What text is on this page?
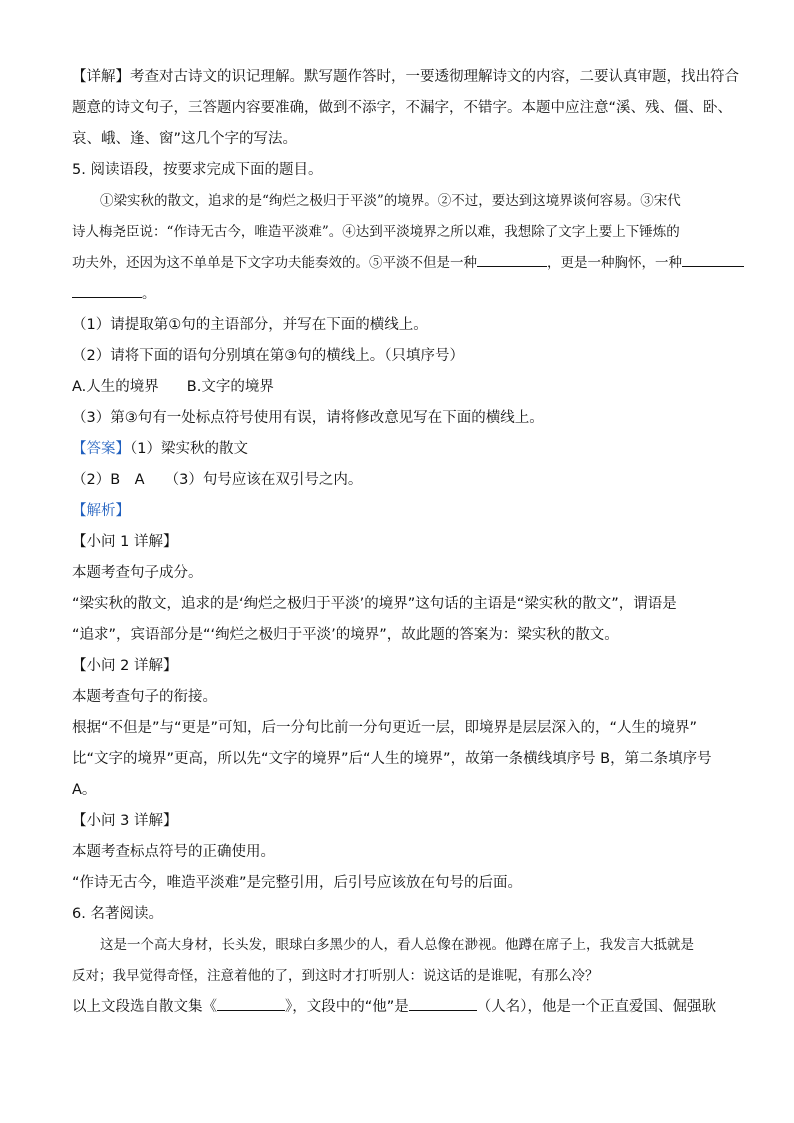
【详解】考查对古诗文的识记理解。默写题作答时，一要透彻理解诗文的内容，二要认真审题，找出符合
题意的诗文句子，三答题内容要准确，做到不添字，不漏字，不错字。本题中应注意“溪、残、僵、卧、
哀、峨、逢、窗”这几个字的写法。
5. 阅读语段，按要求完成下面的题目。
①梁实秋的散文，追求的是“绚烂之极归于平淡”的境界。②不过，要达到这境界谈何容易。③宋代
诗人梅尧臣说：“作诗无古今，唯造平淡难”。④达到平淡境界之所以难，我想除了文字上要上下锤炼的
功夫外，还因为这不单单是下文字功夫能奏效的。⑤平淡不但是一种	，更是一种胸怀，一种
。
（1）请提取第①句的主语部分，并写在下面的横线上。
（2）请将下面的语句分别填在第③句的横线上。（只填序号）
A.人生的境界 B.文字的境界
（3）第③句有一处标点符号使用有误，请将修改意见写在下面的横线上。
【答案】（1）梁实秋的散文
（2）B　A （3）句号应该在双引号之内。
【解析】
【小问 1 详解】
本题考查句子成分。
“梁实秋的散文，追求的是‘绚烂之极归于平淡’的境界”这句话的主语是“梁实秋的散文”，谓语是
“追求”，宾语部分是“‘绚烂之极归于平淡’的境界”，故此题的答案为：梁实秋的散文。
【小问 2 详解】
本题考查句子的衔接。
根据“不但是”与“更是”可知，后一分句比前一分句更近一层，即境界是层层深入的，“人生的境界”
比“文字的境界”更高，所以先“文字的境界”后“人生的境界”，故第一条横线填序号 B，第二条填序号
A。
【小问 3 详解】
本题考查标点符号的正确使用。
“作诗无古今，唯造平淡难”是完整引用，后引号应该放在句号的后面。
6. 名著阅读。
这是一个高大身材，长头发，眼球白多黑少的人，看人总像在渺视。他蹲在席子上，我发言大抵就是
反对；我早觉得奇怪，注意着他的了，到这时才打听别人：说这话的是谁呢，有那么冷？
以上文段选自散文集《	》，文段中的“他”是	（人名），他是一个正直爱国、倔强耿
